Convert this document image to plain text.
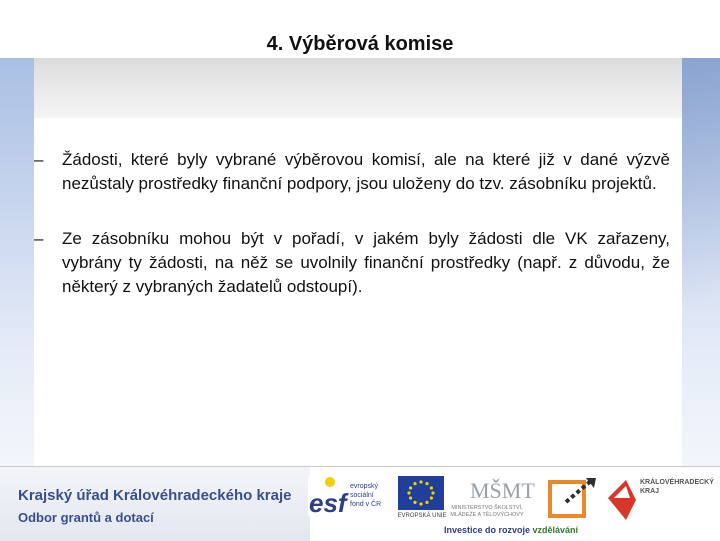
4. Výběrová komise
– Žádosti, které byly vybrané výběrovou komisí, ale na které již v dané výzvě nezůstaly prostředky finanční podpory, jsou uloženy do tzv. zásobníku projektů.
– Ze zásobníku mohou být v pořadí, v jakém byly žádosti dle VK zařazeny, vybrány ty žádosti, na něž se uvolnily finanční prostředky (např. z důvodu, že některý z vybraných žadatelů odstoupí).
Krajský úřad Královéhradeckého kraje
Odbor grantů a dotací	esf
evropský
sociální
fond v ČR
EVROPSKÁ UNIE
MŠMT
MINISTERSTVO ŠKOLSTVÍ, MLÁDEŽE A TĚLOVÝCHOVY
Investice do rozvoje vzdělávání
KRÁLOVÉHRADECKÝ KRAJ
